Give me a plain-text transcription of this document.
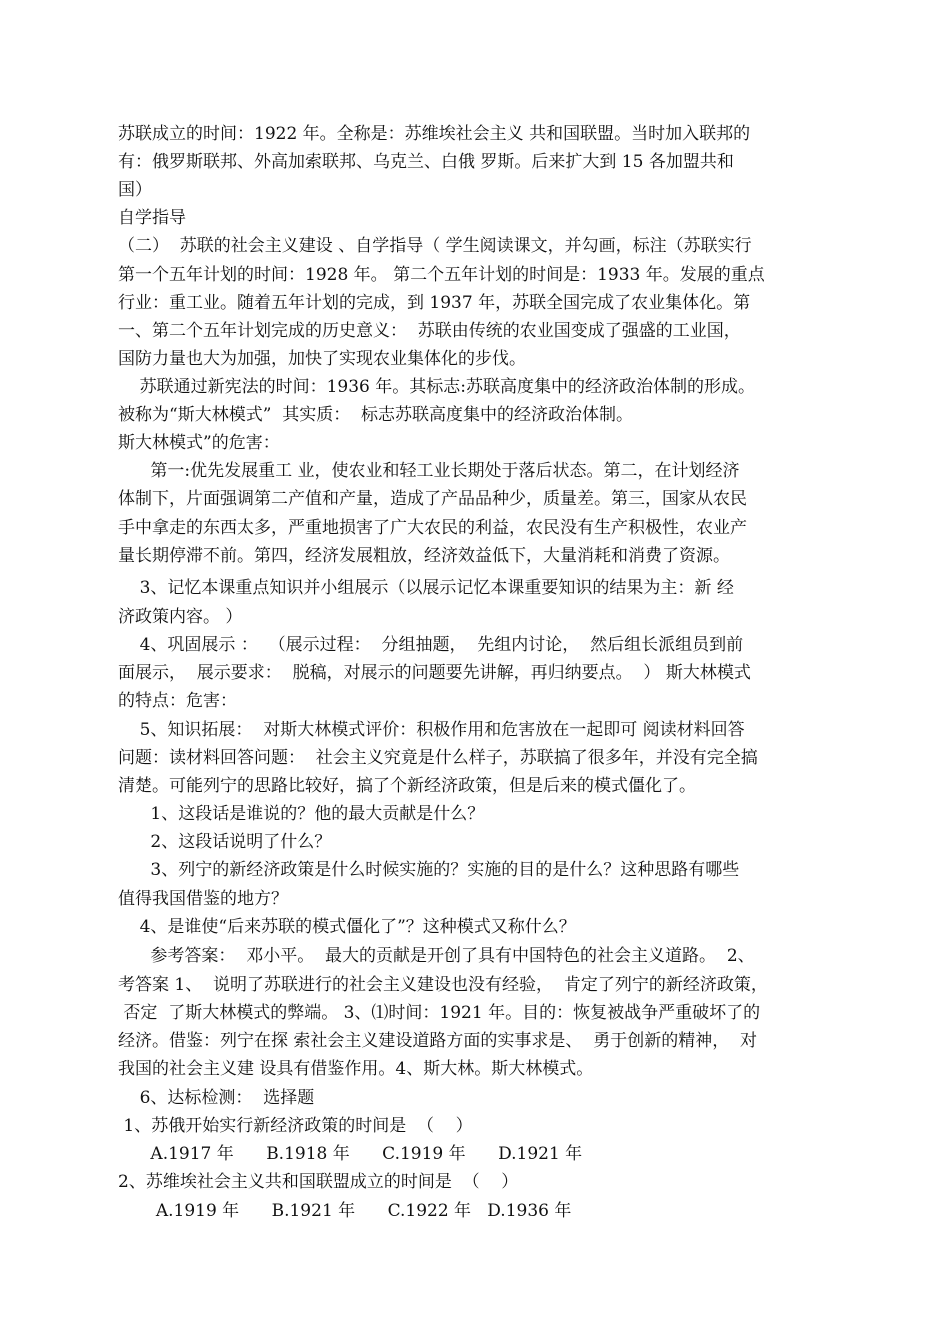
苏联成立的时间：1922 年。全称是：苏维埃社会主义 共和国联盟。当时加入联邦的
有：俄罗斯联邦、外高加索联邦、乌克兰、白俄 罗斯。后来扩大到 15 各加盟共和
国）
自学指导
（二）  苏联的社会主义建设 、自学指导（ 学生阅读课文，并勾画，标注（苏联实行
第一个五年计划的时间：1928 年。 第二个五年计划的时间是：1933 年。发展的重点
行业：重工业。随着五年计划的完成，到 1937 年，苏联全国完成了农业集体化。第
一、第二个五年计划完成的历史意义：  苏联由传统的农业国变成了强盛的工业国，
国防力量也大为加强，加快了实现农业集体化的步伐。
苏联通过新宪法的时间：1936 年。其标志:苏联高度集中的经济政治体制的形成。
被称为“斯大林模式”  其实质：  标志苏联高度集中的经济政治体制。
斯大林模式”的危害：
第一:优先发展重工 业，使农业和轻工业长期处于落后状态。第二，在计划经济
体制下，片面强调第二产值和产量，造成了产品品种少，质量差。第三，国家从农民
手中拿走的东西太多，严重地损害了广大农民的利益，农民没有生产积极性，农业产
量长期停滞不前。第四，经济发展粗放，经济效益低下，大量消耗和消费了资源。
3、记忆本课重点知识并小组展示（以展示记忆本课重要知识的结果为主：新 经
济政策内容。 ）
4、巩固展示 ：  （展示过程：  分组抽题，  先组内讨论，  然后组长派组员到前
面展示，  展示要求：  脱稿，对展示的问题要先讲解，再归纳要点。  ） 斯大林模式
的特点：危害：
5、知识拓展：  对斯大林模式评价：积极作用和危害放在一起即可 阅读材料回答
问题：读材料回答问题：  社会主义究竟是什么样子，苏联搞了很多年，并没有完全搞
清楚。可能列宁的思路比较好，搞了个新经济政策，但是后来的模式僵化了。
1、这段话是谁说的？他的最大贡献是什么？
2、这段话说明了什么？
3、列宁的新经济政策是什么时候实施的？实施的目的是什么？这种思路有哪些
值得我国借鉴的地方？
4、是谁使“后来苏联的模式僵化了”？这种模式又称什么？
参考答案：  邓小平。  最大的贡献是开创了具有中国特色的社会主义道路。  2、
考答案 1、  说明了苏联进行的社会主义建设也没有经验，  肯定了列宁的新经济政策，
否定  了斯大林模式的弊端。 3、⑴时间：1921 年。目的：恢复被战争严重破坏了的
经济。借鉴：列宁在探 索社会主义建设道路方面的实事求是、  勇于创新的精神，  对
我国的社会主义建 设具有借鉴作用。4、斯大林。斯大林模式。
6、达标检测：  选择题
1、苏俄开始实行新经济政策的时间是  （    ）
A.1917 年      B.1918 年      C.1919 年      D.1921 年
2、苏维埃社会主义共和国联盟成立的时间是  （    ）
A.1919 年      B.1921 年      C.1922 年   D.1936 年
